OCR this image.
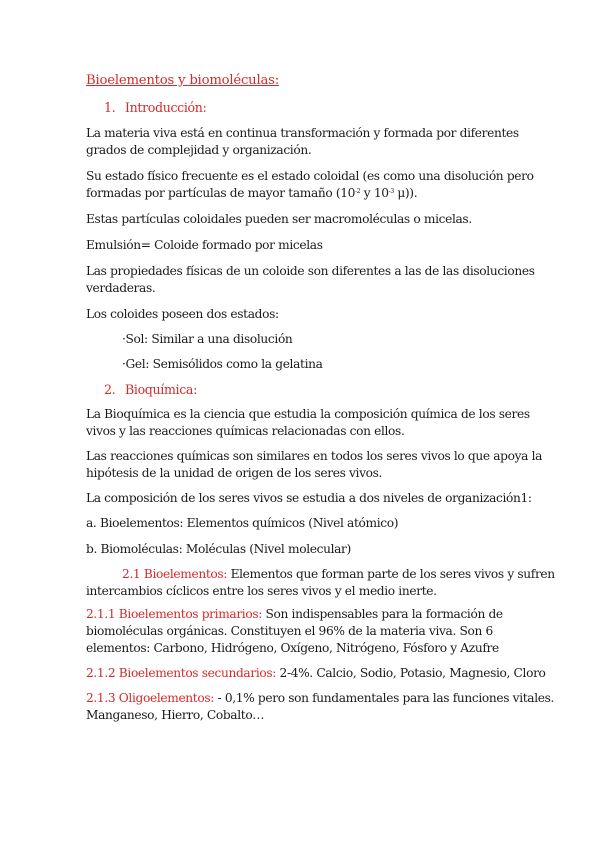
Bioelementos y biomoléculas:
1. Introducción:
La materia viva está en continua transformación y formada por diferentes
grados de complejidad y organización.
Su estado físico frecuente es el estado coloidal (es como una disolución pero
formadas por partículas de mayor tamaño ($10^{-2}$ y $10^{-3}$ μ)).
Estas partículas coloidales pueden ser macromoléculas o micelas.
Emulsión= Coloide formado por micelas
Las propiedades físicas de un coloide son diferentes a las de las disoluciones
verdaderas.
Los coloides poseen dos estados:
·Sol: Similar a una disolución
·Gel: Semisólidos como la gelatina
2. Bioquímica:
La Bioquímica es la ciencia que estudia la composición química de los seres
vivos y las reacciones químicas relacionadas con ellos.
Las reacciones químicas son similares en todos los seres vivos lo que apoya la
hipótesis de la unidad de origen de los seres vivos.
La composición de los seres vivos se estudia a dos niveles de organización1:
a. Bioelementos: Elementos químicos (Nivel atómico)
b. Biomoléculas: Moléculas (Nivel molecular)
2.1 Bioelementos: Elementos que forman parte de los seres vivos y sufren
intercambios cíclicos entre los seres vivos y el medio inerte.
2.1.1 Bioelementos primarios: Son indispensables para la formación de
biomoléculas orgánicas. Constituyen el 96% de la materia viva. Son 6
elementos: Carbono, Hidrógeno, Oxígeno, Nitrógeno, Fósforo y Azufre
2.1.2 Bioelementos secundarios: 2-4%. Calcio, Sodio, Potasio, Magnesio, Cloro
2.1.3 Oligoelementos: - 0,1% pero son fundamentales para las funciones vitales.
Manganeso, Hierro, Cobalto…
